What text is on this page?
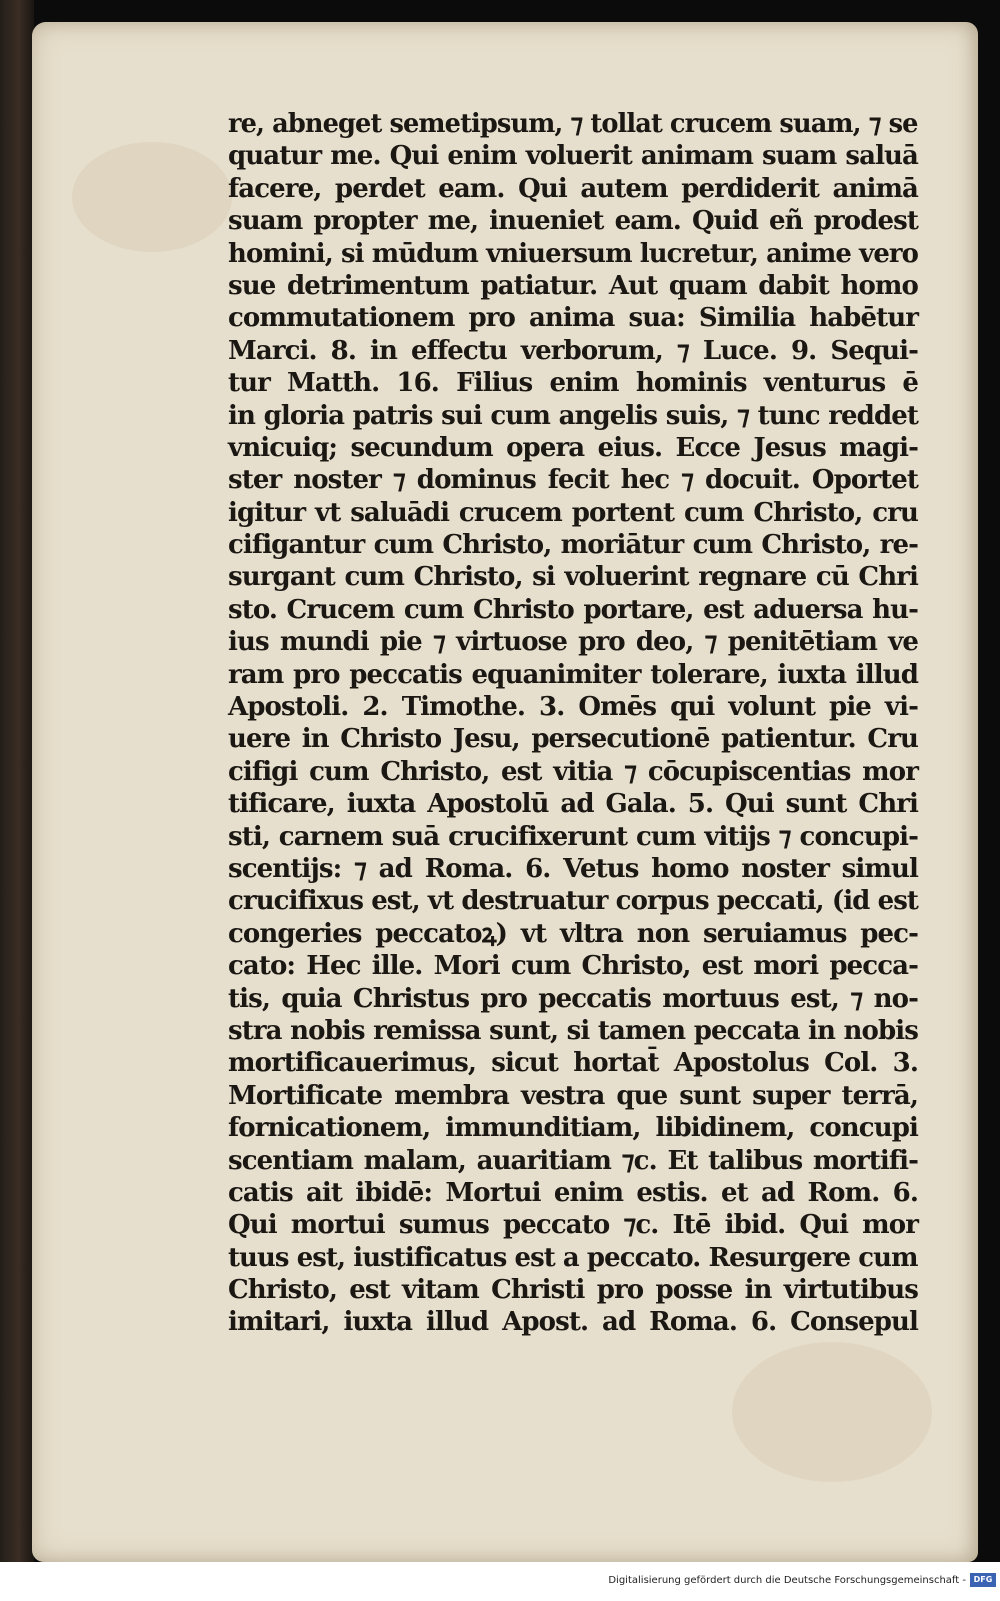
re, abneget semetipsum, ⁊ tollat crucem suam, ⁊ se
quatur me. Qui enim voluerit animam suam saluā
facere, perdet eam. Qui autem perdiderit animā
suam propter me, inueniet eam. Quid eñ prodest
homini, si mūdum vniuersum lucretur, anime vero
sue detrimentum patiatur. Aut quam dabit homo
commutationem pro anima sua: Similia habētur
Marci. 8. in effectu verborum, ⁊ Luce. 9. Sequi-
tur Matth. 16. Filius enim hominis venturus ē
in gloria patris sui cum angelis suis, ⁊ tunc reddet
vnicuiq; secundum opera eius. Ecce Jesus magi-
ster noster ⁊ dominus fecit hec ⁊ docuit. Oportet
igitur vt saluādi crucem portent cum Christo, cru
cifigantur cum Christo, moriātur cum Christo, re-
surgant cum Christo, si voluerint regnare cū Chri
sto. Crucem cum Christo portare, est aduersa hu-
ius mundi pie ⁊ virtuose pro deo, ⁊ penitētiam ve
ram pro peccatis equanimiter tolerare, iuxta illud
Apostoli. 2. Timothe. 3. Omēs qui volunt pie vi-
uere in Christo Jesu, persecutionē patientur. Cru
cifigi cum Christo, est vitia ⁊ cōcupiscentias mor
tificare, iuxta Apostolū ad Gala. 5. Qui sunt Chri
sti, carnem suā crucifixerunt cum vitijs ⁊ concupi-
scentijs: ⁊ ad Roma. 6. Vetus homo noster simul
crucifixus est, vt destruatur corpus peccati, (id est
congeries peccatoꝝ) vt vltra non seruiamus pec-
cato: Hec ille. Mori cum Christo, est mori pecca-
tis, quia Christus pro peccatis mortuus est, ⁊ no-
stra nobis remissa sunt, si tamen peccata in nobis
mortificauerimus, sicut hortat̄ Apostolus Col. 3.
Mortificate membra vestra que sunt super terrā,
fornicationem, immunditiam, libidinem, concupi
scentiam malam, auaritiam ⁊c. Et talibus mortifi-
catis ait ibidē: Mortui enim estis. et ad Rom. 6.
Qui mortui sumus peccato ⁊c. Itē ibid. Qui mor
tuus est, iustificatus est a peccato. Resurgere cum
Christo, est vitam Christi pro posse in virtutibus
imitari, iuxta illud Apost. ad Roma. 6. Consepul
Digitalisierung gefördert durch die Deutsche Forschungsgemeinschaft - DFG
